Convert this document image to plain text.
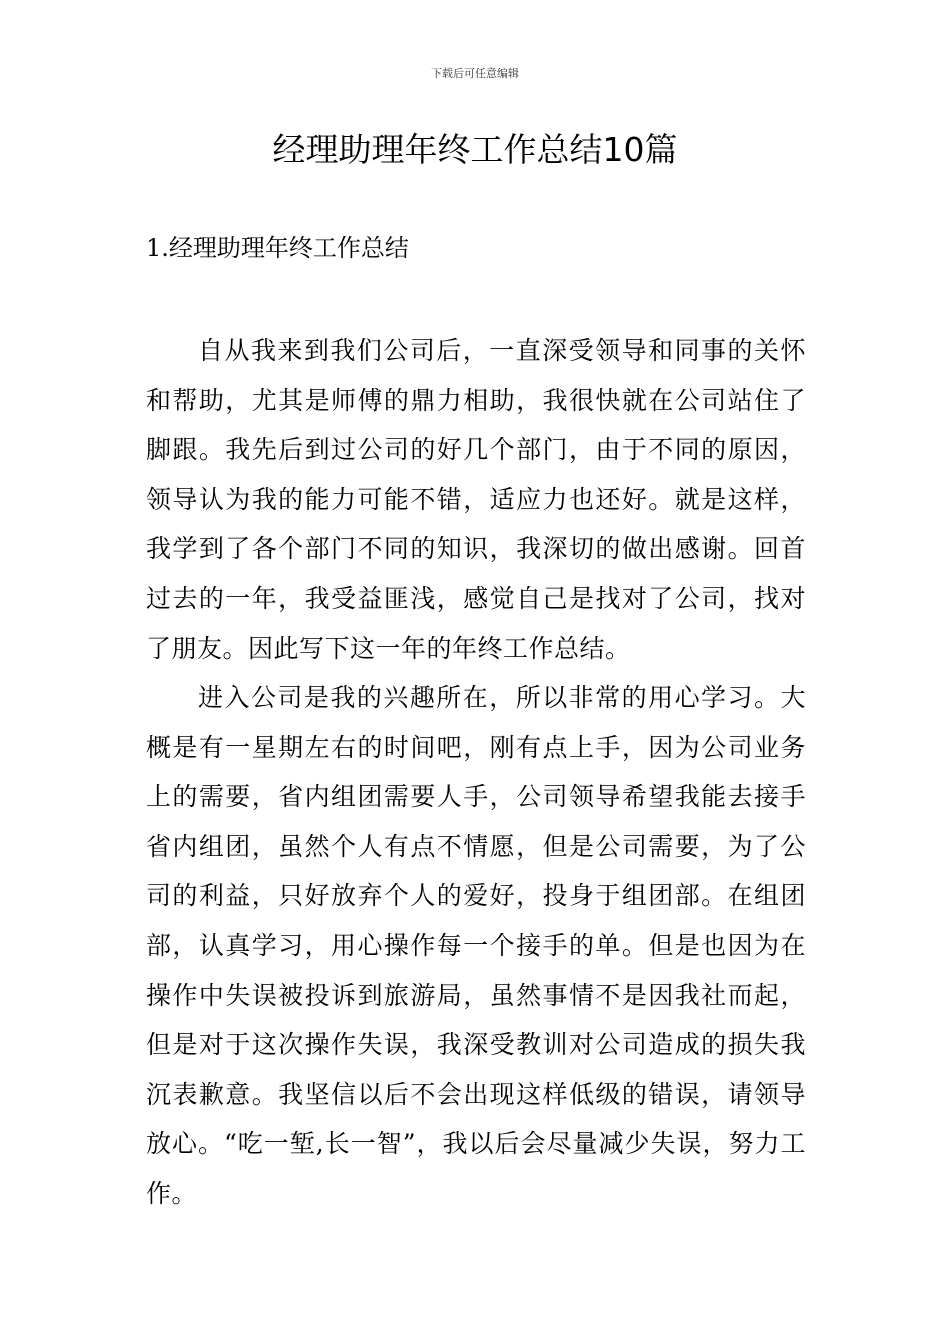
下载后可任意编辑
经理助理年终工作总结10篇
1.经理助理年终工作总结

自从我来到我们公司后，一直深受领导和同事的关怀和帮助，尤其是师傅的鼎力相助，我很快就在公司站住了脚跟。我先后到过公司的好几个部门，由于不同的原因，领导认为我的能力可能不错，适应力也还好。就是这样，我学到了各个部门不同的知识，我深切的做出感谢。回首过去的一年，我受益匪浅，感觉自己是找对了公司，找对了朋友。因此写下这一年的年终工作总结。

进入公司是我的兴趣所在，所以非常的用心学习。大概是有一星期左右的时间吧，刚有点上手，因为公司业务上的需要，省内组团需要人手，公司领导希望我能去接手省内组团，虽然个人有点不情愿，但是公司需要，为了公司的利益，只好放弃个人的爱好，投身于组团部。在组团部，认真学习，用心操作每一个接手的单。但是也因为在操作中失误被投诉到旅游局，虽然事情不是因我社而起，但是对于这次操作失误，我深受教训对公司造成的损失我沉表歉意。我坚信以后不会出现这样低级的错误，请领导放心。“吃一堑,长一智”，我以后会尽量减少失误，努力工作。
